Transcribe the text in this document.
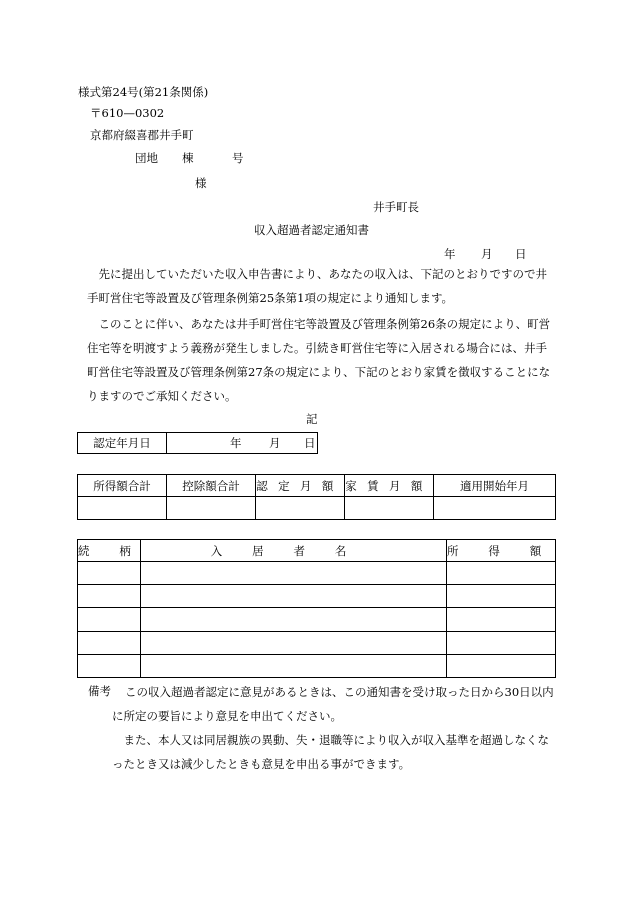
様式第24号(第21条関係)
〒610—0302
京都府綴喜郡井手町
団地 棟	号
様
井手町長
収入超過者認定通知書
年 月 日
先に提出していただいた収入申告書により、あなたの収入は、下記のとおりですので井手町営住宅等設置及び管理条例第25条第1項の規定により通知します。
このことに伴い、あなたは井手町営住宅等設置及び管理条例第26条の規定により、町営住宅等を明渡すよう義務が発生しました。引続き町営住宅等に入居される場合には、井手町営住宅等設置及び管理条例第27条の規定により、下記のとおり家賃を徴収することになりますのでご承知ください。
記
認定年月日	年 月 日
所得額合計	控除額合計	認定月額	家賃月額	適用開始年月

続柄	入居者名	所得額

備考	この収入超過者認定に意見があるときは、この通知書を受け取った日から30日以内に所定の要旨により意見を申出てください。
また、本人又は同居親族の異動、失・退職等により収入が収入基準を超過しなくなったとき又は減少したときも意見を申出る事ができます。
